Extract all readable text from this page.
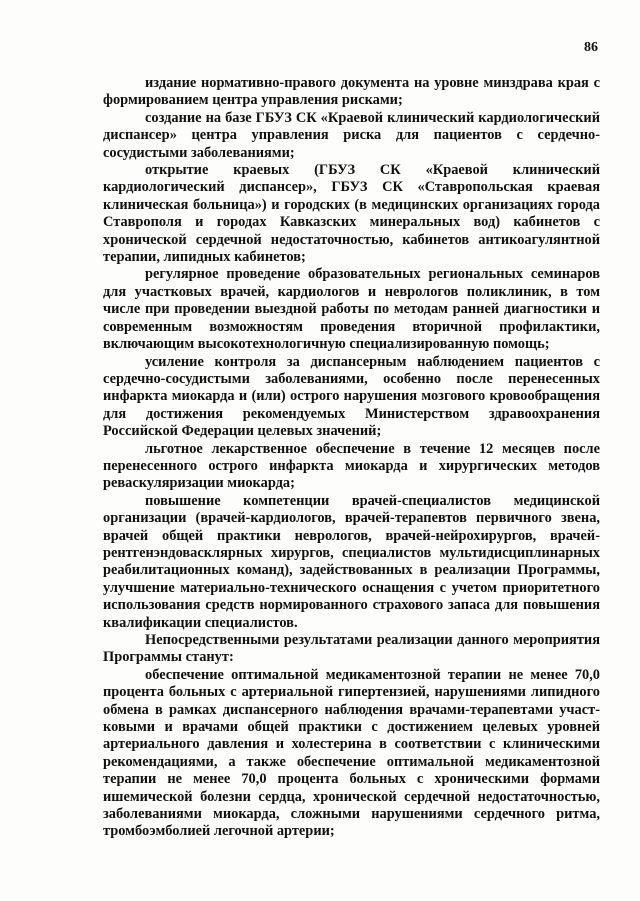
86

издание нормативно-правого документа на уровне минздрава края с формированием центра управления рисками;

создание на базе ГБУЗ СК «Краевой клинический кардиологический диспансер» центра управления риска для пациентов с сердечно-сосудистыми заболеваниями;

открытие краевых (ГБУЗ СК «Краевой клинический кардиологический диспансер», ГБУЗ СК «Ставропольская краевая клиническая больница») и городских (в медицинских организациях города Ставрополя и городах Кавказских минеральных вод) кабинетов с хронической сердечной недостаточностью, кабинетов антикоагулянтной терапии, липидных кабинетов;

регулярное проведение образовательных региональных семинаров для участковых врачей, кардиологов и неврологов поликлиник, в том числе при проведении выездной работы по методам ранней диагностики и современным возможностям проведения вторичной профилактики, включающим высокотехнологичную специализированную помощь;

усиление контроля за диспансерным наблюдением пациентов с сердечно-сосудистыми заболеваниями, особенно после перенесенных инфаркта миокарда и (или) острого нарушения мозгового кровообращения для достижения рекомендуемых Министерством здравоохранения Российской Федерации целевых значений;

льготное лекарственное обеспечение в течение 12 месяцев после перенесенного острого инфаркта миокарда и хирургических методов реваскуляризации миокарда;

повышение компетенции врачей-специалистов медицинской организации (врачей-кардиологов, врачей-терапевтов первичного звена, врачей общей практики неврологов, врачей-нейрохирургов, врачей-рентгенэндовасклярных хирургов, специалистов мультидисциплинарных реабилитационных команд), задействованных в реализации Программы, улучшение материально-технического оснащения с учетом приоритетного использования средств нормированного страхового запаса для повышения квалификации специалистов.

Непосредственными результатами реализации данного мероприятия Программы станут:

обеспечение оптимальной медикаментозной терапии не менее 70,0 процента больных с артериальной гипертензией, нарушениями липидного обмена в рамках диспансерного наблюдения врачами-терапевтами участковыми и врачами общей практики с достижением целевых уровней артериального давления и холестерина в соответствии с клиническими рекомендациями, а также обеспечение оптимальной медикаментозной терапии не менее 70,0 процента больных с хроническими формами ишемической болезни сердца, хронической сердечной недостаточностью, заболеваниями миокарда, сложными нарушениями сердечного ритма, тромбоэмболией легочной артерии;
